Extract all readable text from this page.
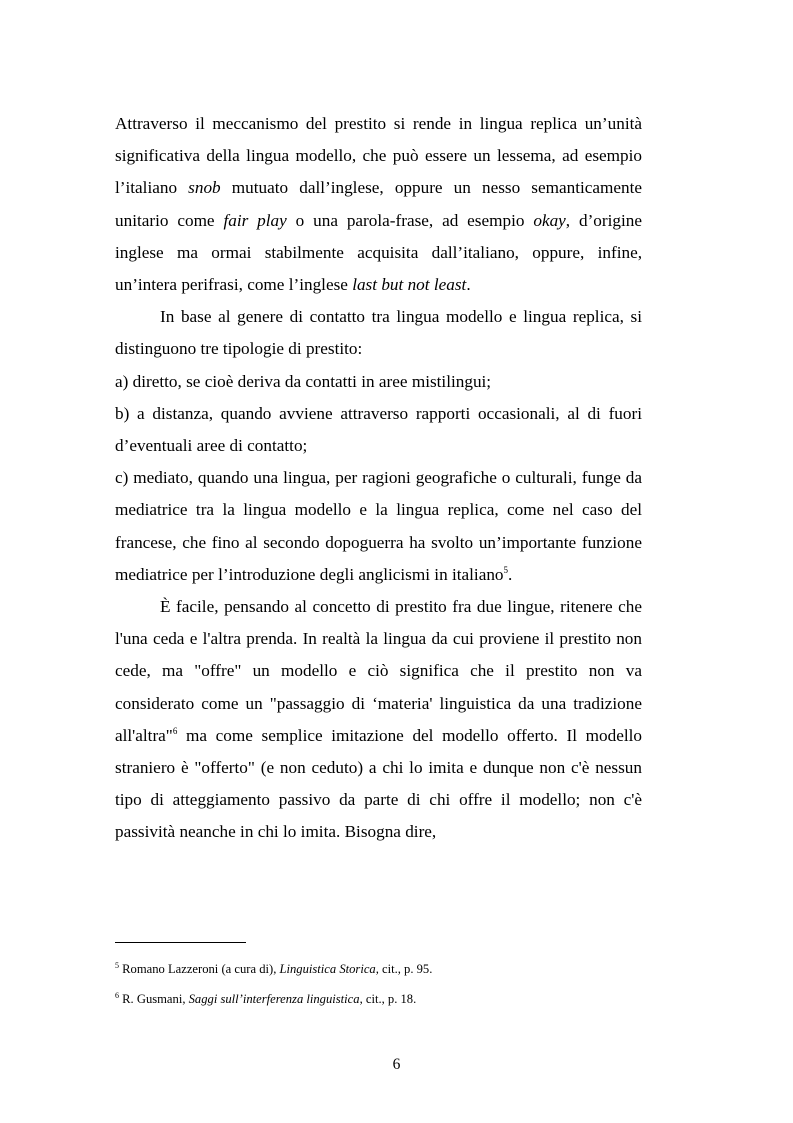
Attraverso il meccanismo del prestito si rende in lingua replica un’unità significativa della lingua modello, che può essere un lessema, ad esempio l’italiano snob mutuato dall’inglese, oppure un nesso semanticamente unitario come fair play o una parola-frase, ad esempio okay, d’origine inglese ma ormai stabilmente acquisita dall’italiano, oppure, infine, un’intera perifrasi, come l’inglese last but not least.

In base al genere di contatto tra lingua modello e lingua replica, si distinguono tre tipologie di prestito:

a) diretto, se cioè deriva da contatti in aree mistilingui;

b) a distanza, quando avviene attraverso rapporti occasionali, al di fuori d’eventuali aree di contatto;

c) mediato, quando una lingua, per ragioni geografiche o culturali, funge da mediatrice tra la lingua modello e la lingua replica, come nel caso del francese, che fino al secondo dopoguerra ha svolto un’importante funzione mediatrice per l’introduzione degli anglicismi in italiano$^5$.

È facile, pensando al concetto di prestito fra due lingue, ritenere che l'una ceda e l'altra prenda. In realtà la lingua da cui proviene il prestito non cede, ma "offre" un modello e ciò significa che il prestito non va considerato come un "passaggio di ‘materia' linguistica da una tradizione all'altra"$^6$ ma come semplice imitazione del modello offerto. Il modello straniero è "offerto" (e non ceduto) a chi lo imita e dunque non c'è nessun tipo di atteggiamento passivo da parte di chi offre il modello; non c'è passività neanche in chi lo imita. Bisogna dire,

$^5$ Romano Lazzeroni (a cura di), Linguistica Storica, cit., p. 95.

$^6$ R. Gusmani, Saggi sull’interferenza linguistica, cit., p. 18.

6
